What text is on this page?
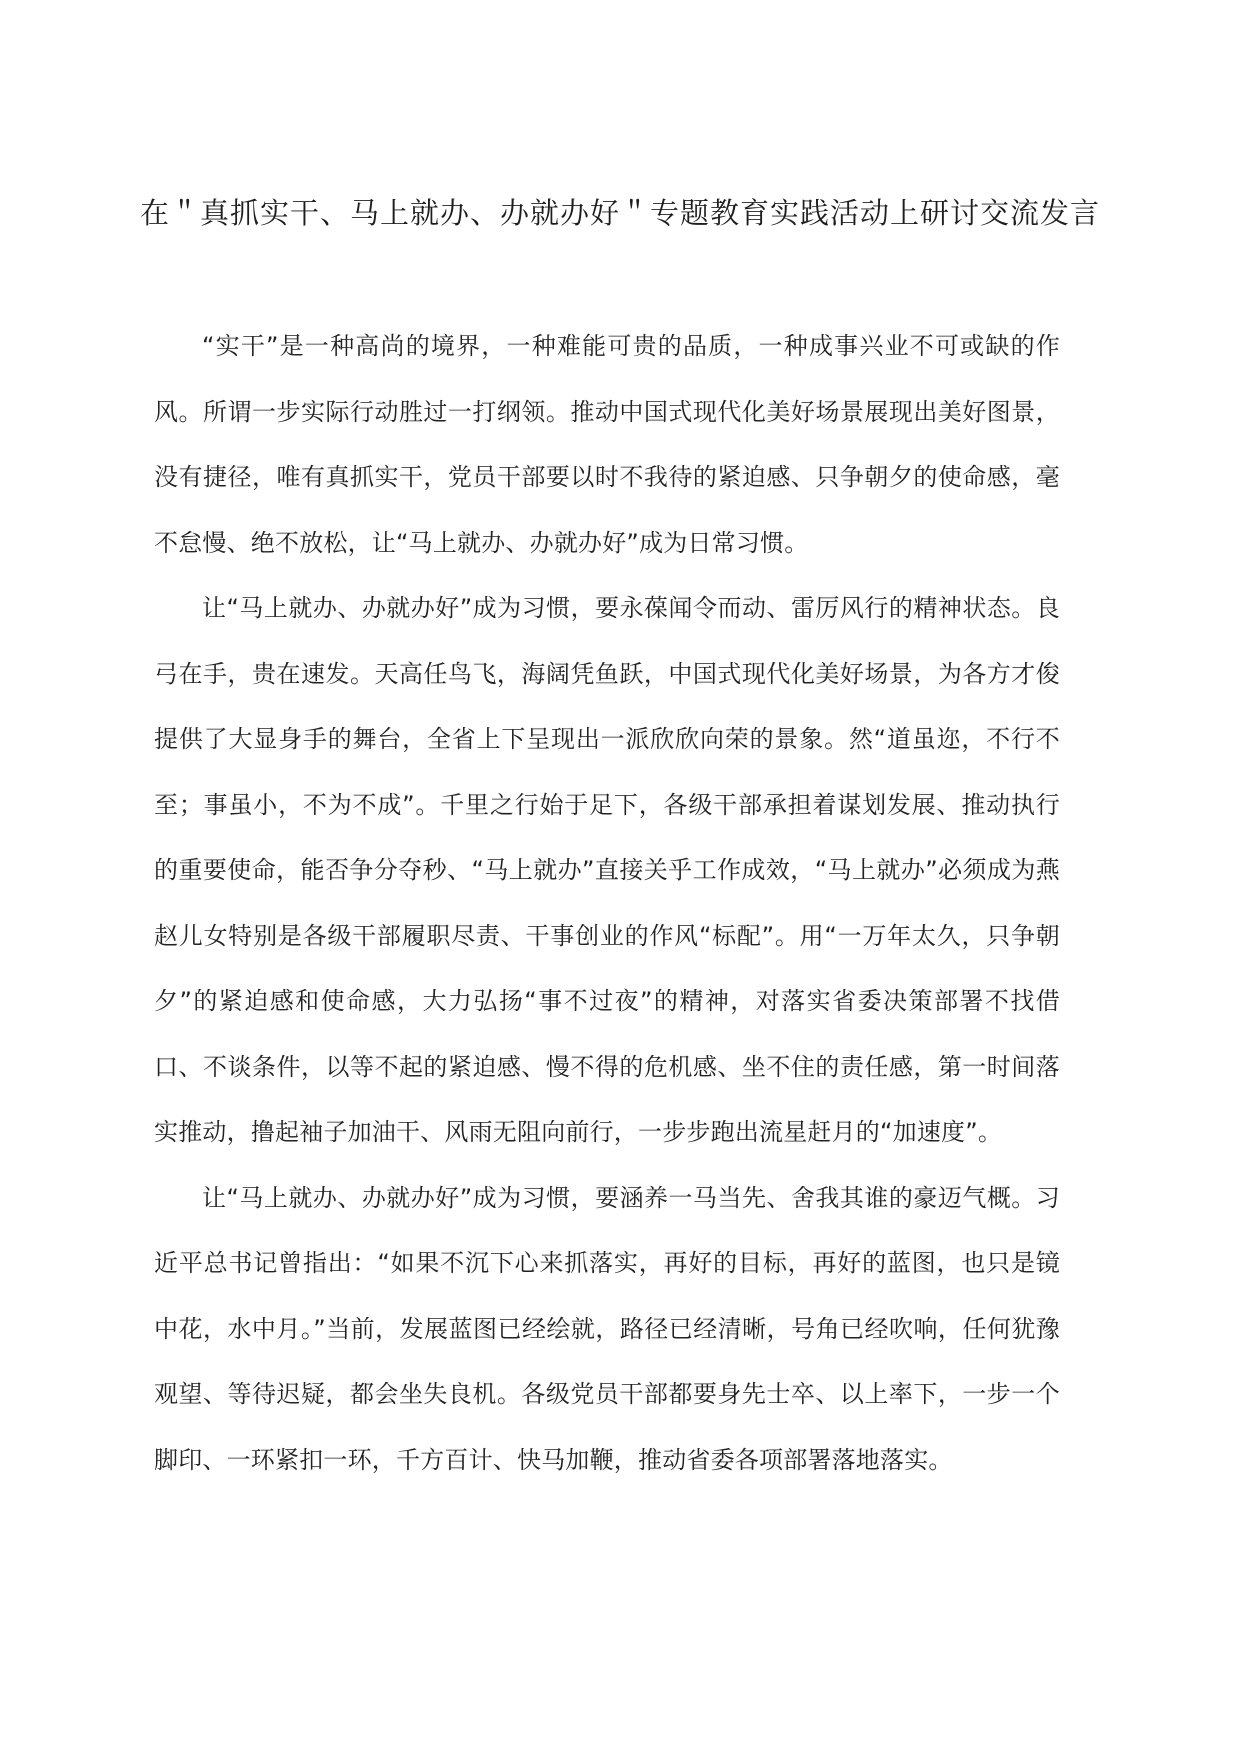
在＂真抓实干、马上就办、办就办好＂专题教育实践活动上研讨交流发言

“实干”是一种高尚的境界，一种难能可贵的品质，一种成事兴业不可或缺的作风。所谓一步实际行动胜过一打纲领。推动中国式现代化美好场景展现出美好图景，没有捷径，唯有真抓实干，党员干部要以时不我待的紧迫感、只争朝夕的使命感，毫不怠慢、绝不放松，让“马上就办、办就办好”成为日常习惯。

让“马上就办、办就办好”成为习惯，要永葆闻令而动、雷厉风行的精神状态。良弓在手，贵在速发。天高任鸟飞，海阔凭鱼跃，中国式现代化美好场景，为各方才俊提供了大显身手的舞台，全省上下呈现出一派欣欣向荣的景象。然“道虽迩，不行不至；事虽小，不为不成”。千里之行始于足下，各级干部承担着谋划发展、推动执行的重要使命，能否争分夺秒、“马上就办”直接关乎工作成效，“马上就办”必须成为燕赵儿女特别是各级干部履职尽责、干事创业的作风“标配”。用“一万年太久，只争朝夕”的紧迫感和使命感，大力弘扬“事不过夜”的精神，对落实省委决策部署不找借口、不谈条件，以等不起的紧迫感、慢不得的危机感、坐不住的责任感，第一时间落实推动，撸起袖子加油干、风雨无阻向前行，一步步跑出流星赶月的“加速度”。

让“马上就办、办就办好”成为习惯，要涵养一马当先、舍我其谁的豪迈气概。习近平总书记曾指出：“如果不沉下心来抓落实，再好的目标，再好的蓝图，也只是镜中花，水中月。”当前，发展蓝图已经绘就，路径已经清晰，号角已经吹响，任何犹豫观望、等待迟疑，都会坐失良机。各级党员干部都要身先士卒、以上率下，一步一个脚印、一环紧扣一环，千方百计、快马加鞭，推动省委各项部署落地落实。
